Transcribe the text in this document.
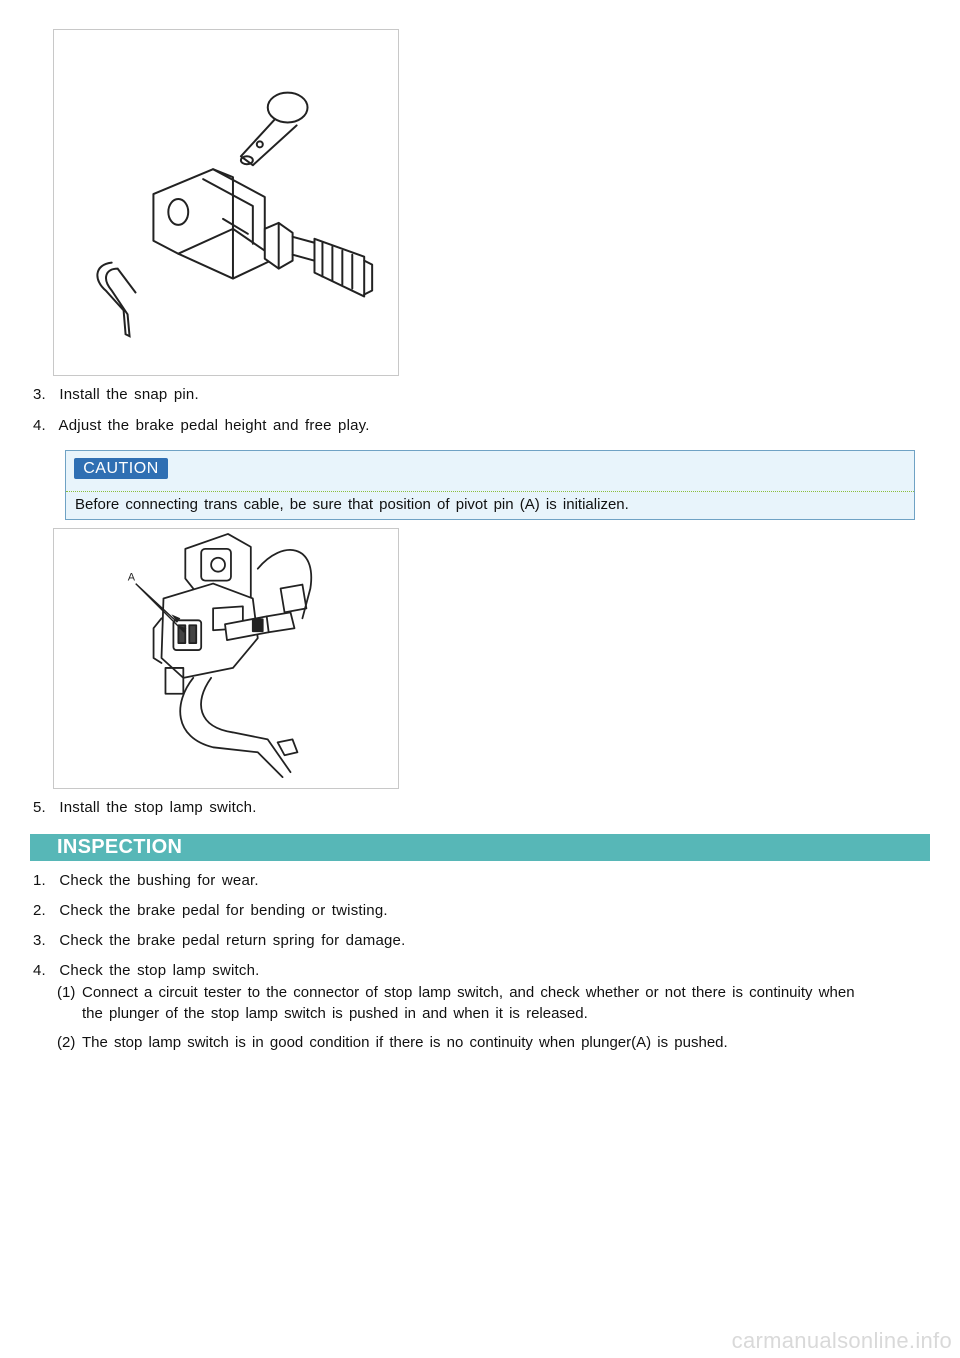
3. Install the snap pin.
4. Adjust the brake pedal height and free play.
CAUTION
Before connecting trans cable, be sure that position of pivot pin (A) is initializen.
A
5. Install the stop lamp switch.
INSPECTION
1. Check the bushing for wear.
2. Check the brake pedal for bending or twisting.
3. Check the brake pedal return spring for damage.
4. Check the stop lamp switch.
(1) Connect a circuit tester to the connector of stop lamp switch, and check whether or not there is continuity when
the plunger of the stop lamp switch is pushed in and when it is released.
(2) The stop lamp switch is in good condition if there is no continuity when plunger(A) is pushed.
carmanualsonline.info
